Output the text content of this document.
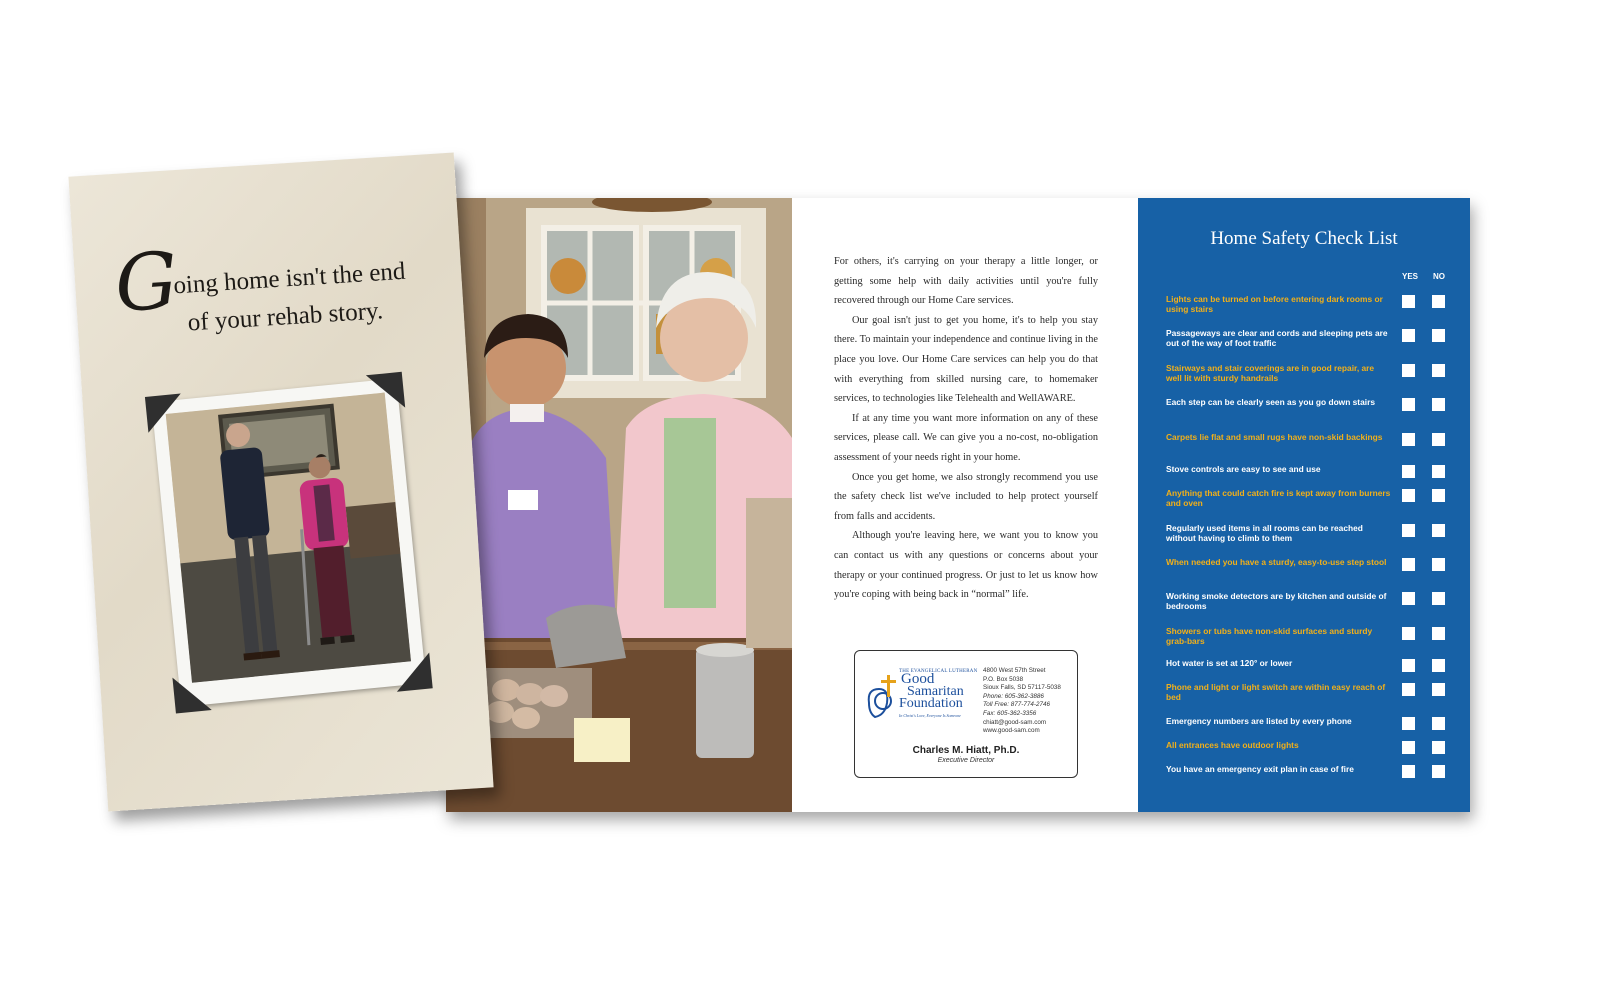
G
oing home isn't the end
of your rehab story.

For others, it's carrying on your therapy a little longer, or getting some help with daily activities until you're fully recovered through our Home Care services.

Our goal isn't just to get you home, it's to help you stay there. To maintain your independence and continue living in the place you love. Our Home Care services can help you do that with everything from skilled nursing care, to homemaker services, to technologies like Telehealth and WellAWARE.

If at any time you want more information on any of these services, please call. We can give you a no-cost, no-obligation assessment of your needs right in your home.

Once you get home, we also strongly recommend you use the safety check list we've included to help protect yourself from falls and accidents.

Although you're leaving here, we want you to know you can contact us with any questions or concerns about your therapy or your continued progress. Or just to let us know how you're coping with being back in “normal” life.

THE EVANGELICAL LUTHERAN
Good
Samaritan
Foundation
In Christ's Love, Everyone Is Someone
4800 West 57th Street
P.O. Box 5038
Sioux Falls, SD 57117-5038
Phone: 605-362-3886
Toll Free: 877-774-2746
Fax: 605-362-3356
chiatt@good-sam.com
www.good-sam.com
Charles M. Hiatt, Ph.D.
Executive Director
Home Safety Check List
YES NO
Lights can be turned on before entering dark rooms or using stairs
Passageways are clear and cords and sleeping pets are out of the way of foot traffic
Stairways and stair coverings are in good repair, are well lit with sturdy handrails
Each step can be clearly seen as you go down stairs
Carpets lie flat and small rugs have non-skid backings
Stove controls are easy to see and use
Anything that could catch fire is kept away from burners and oven
Regularly used items in all rooms can be reached without having to climb to them
When needed you have a sturdy, easy-to-use step stool
Working smoke detectors are by kitchen and outside of bedrooms
Showers or tubs have non-skid surfaces and sturdy grab-bars
Hot water is set at 120° or lower
Phone and light or light switch are within easy reach of bed
Emergency numbers are listed by every phone
All entrances have outdoor lights
You have an emergency exit plan in case of fire
